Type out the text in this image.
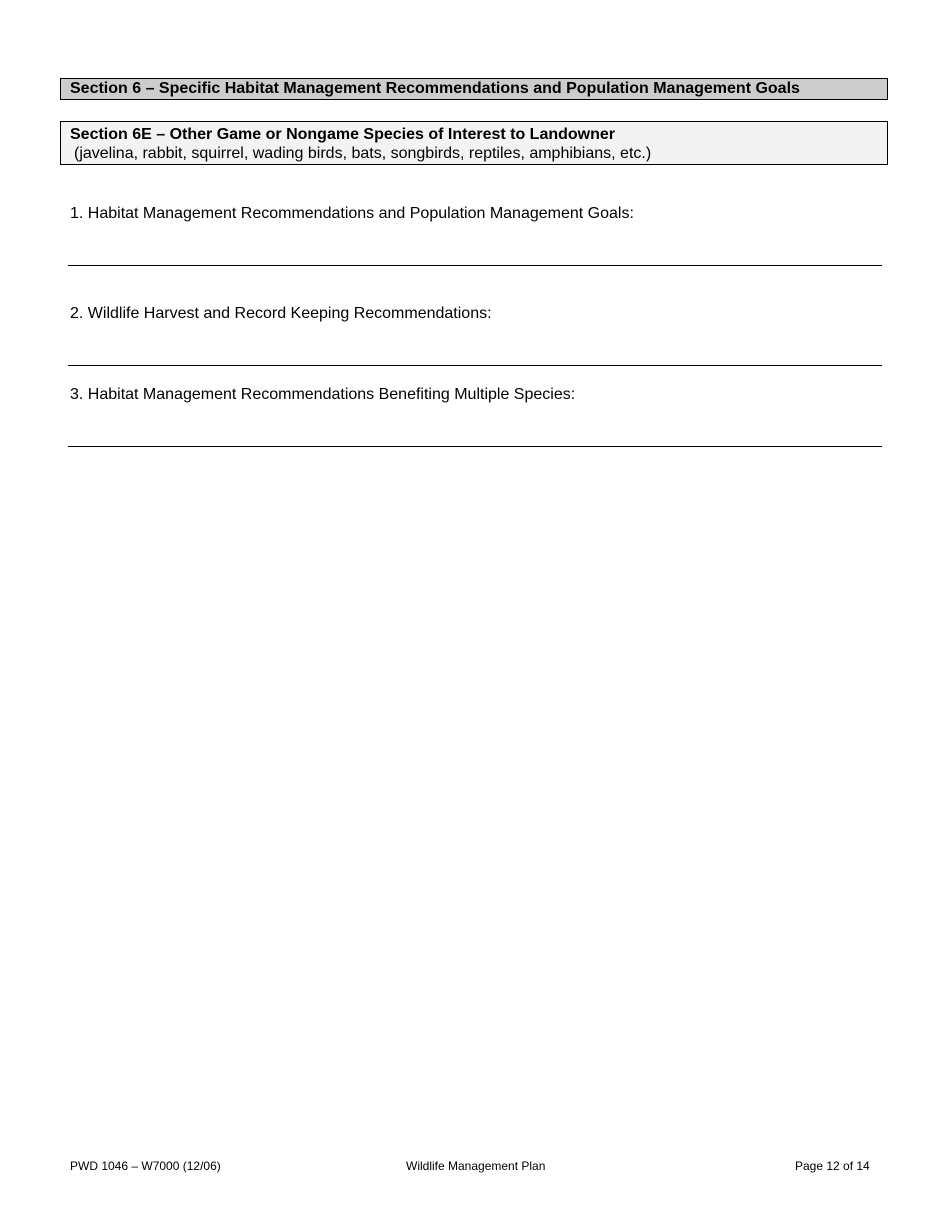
Section 6 – Specific Habitat Management Recommendations and Population Management Goals
Section 6E – Other Game or Nongame Species of Interest to Landowner
(javelina, rabbit, squirrel, wading birds, bats, songbirds, reptiles, amphibians, etc.)
1. Habitat Management Recommendations and Population Management Goals:
2. Wildlife Harvest and Record Keeping Recommendations:
3. Habitat Management Recommendations Benefiting Multiple Species:
PWD 1046 – W7000 (12/06)	Wildlife Management Plan	Page 12 of 14
